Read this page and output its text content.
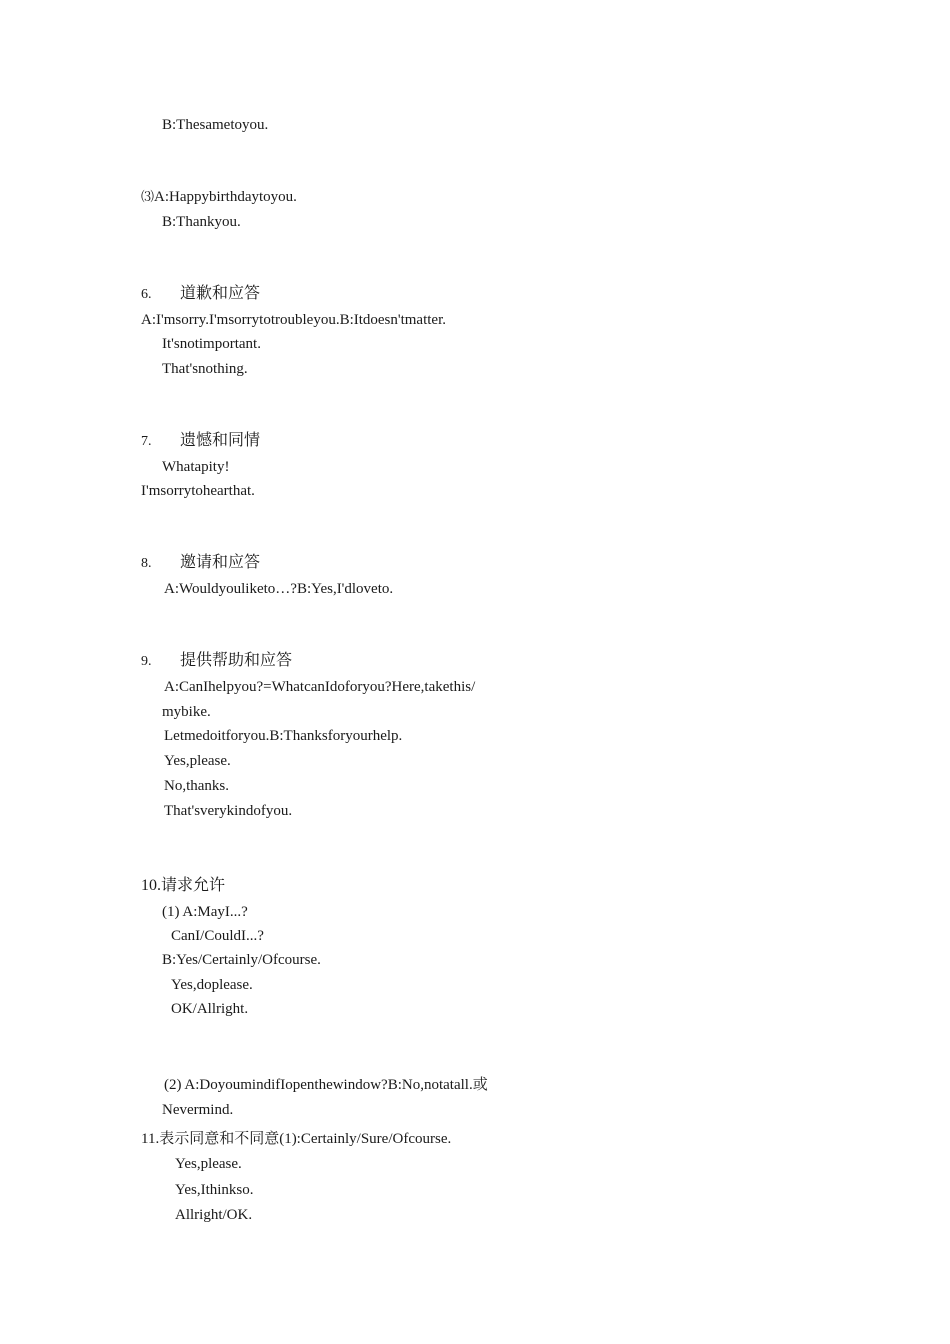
B:Thesametoyou.
⑶A:Happybirthdaytoyou.
B:Thankyou.
6. 道歉和应答
A:I'msorry.I'msorrytotroubleyou.B:Itdoesn'tmatter.
It'snotimportant.
That'snothing.
7. 遗憾和同情
Whatapity!
I'msorrytohearthat.
8. 邀请和应答
A:Wouldyouliketo…?B:Yes,I'dloveto.
9. 提供帮助和应答
A:CanIhelpyou?=WhatcanIdoforyou?Here,takethis/
mybike.
Letmedoitforyou.B:Thanksforyourhelp.
Yes,please.
No,thanks.
That'sverykindofyou.
10.请求允许
(1) A:MayI...?
CanI/CouldI...?
B:Yes/Certainly/Ofcourse.
Yes,doplease.
OK/Allright.
(2) A:DoyoumindifIopenthewindow?B:No,notatall.或
Nevermind.
11.表示同意和不同意(1):Certainly/Sure/Ofcourse.
Yes,please.
Yes,Ithinkso.
Allright/OK.
